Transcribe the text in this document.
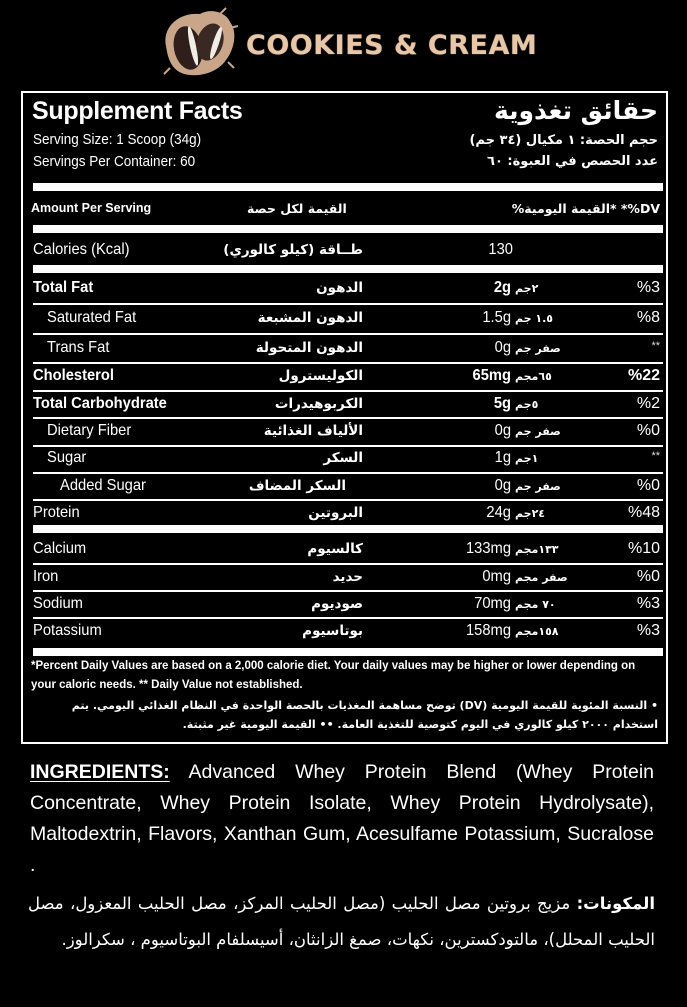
COOKIES & CREAM
Supplement Facts	حقائق تغذوية
Serving Size: 1 Scoop (34g)
Servings Per Container: 60
حجم الحصة: ١ مكيال (٣٤ جم)
عدد الحصص في العبوة: ٦٠
Amount Per Serving	القيمة لكل حصة	%القيمة اليومية* *%DV
Calories (Kcal)	طــاقة (كيلو كالوري)	130
Total Fat	الدهون	2g ٢جم	%3
Saturated Fat	الدهون المشبعة	1.5g ١.٥ جم	%8
Trans Fat	الدهون المتحولة	0g صفر جم	**
Cholesterol	الكوليسترول	65mg ٦٥مجم	%22
Total Carbohydrate	الكربوهيدرات	5g ٥جم	%2
Dietary Fiber	الألياف الغذائية	0g صفر جم	%0
Sugar	السكر	1g ١جم	**
Added Sugar	السكر المضاف	0g صفر جم	%0
Protein	البروتين	24g ٢٤جم	%48
Calcium	كالسيوم	133mg ١٣٣مجم	%10
Iron	حديد	0mg صفر مجم	%0
Sodium	صوديوم	70mg ٧٠ مجم	%3
Potassium	بوتاسيوم	158mg ١٥٨مجم	%3
*Percent Daily Values are based on a 2,000 calorie diet. Your daily values may be higher or lower depending on your caloric needs. ** Daily Value not established.
• النسبة المئوية للقيمة اليومية (DV) توضح مساهمة المغذيات بالحصة الواحدة في النظام الغذائي اليومي. يتم استخدام ٢٠٠٠ كيلو كالوري في اليوم كتوصية للتغذية العامة. •• القيمة اليومية غير مثبتة.
INGREDIENTS: Advanced Whey Protein Blend (Whey Protein Concentrate, Whey Protein Isolate, Whey Protein Hydrolysate), Maltodextrin, Flavors, Xanthan Gum, Acesulfame Potassium, Sucralose .
المكونات: مزيج بروتين مصل الحليب (مصل الحليب المركز، مصل الحليب المعزول، مصل الحليب المحلل)، مالتودكسترين، نكهات، صمغ الزانثان، أسيسلفام البوتاسيوم ، سكرالوز.
